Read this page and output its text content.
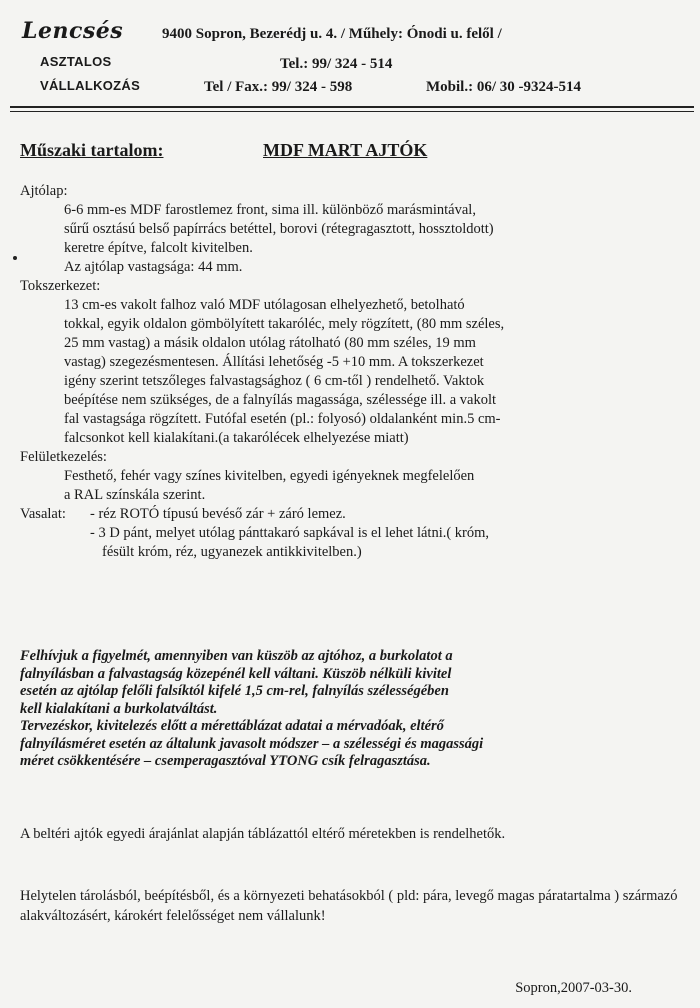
Lencsés	9400 Sopron, Bezerédj u. 4. / Műhely: Ónodi u. felől /
ASZTALOS	Tel.: 99/ 324 - 514
VÁLLALKOZÁS	Tel / Fax.: 99/ 324 - 598	Mobil.: 06/ 30 -9324-514
Műszaki tartalom:	MDF MART AJTÓK
Ajtólap:

6-6 mm-es MDF farostlemez front, sima ill. különböző marásmintával,

sűrű osztású belső papírrács betéttel, borovi (rétegragasztott, hossztoldott)

keretre építve, falcolt kivitelben.

Az ajtólap vastagsága: 44 mm.

Tokszerkezet:

13 cm-es vakolt falhoz való MDF utólagosan elhelyezhető, betolható

tokkal, egyik oldalon gömbölyített takaróléc, mely rögzített, (80 mm széles,

25 mm vastag) a másik oldalon utólag rátolható (80 mm széles, 19 mm

vastag) szegezésmentesen. Állítási lehetőség -5 +10 mm. A tokszerkezet

igény szerint tetszőleges falvastagsághoz ( 6 cm-től ) rendelhető. Vaktok

beépítése nem szükséges, de a falnyílás magassága, szélessége ill. a vakolt

fal vastagsága rögzített. Futófal esetén (pl.: folyosó) oldalanként min.5 cm-

falcsonkot kell kialakítani.(a takarólécek elhelyezése miatt)

Felületkezelés:

Festhető, fehér vagy színes kivitelben, egyedi igényeknek megfelelően

a RAL színskála szerint.

Vasalat:	- réz ROTÓ típusú bevéső zár + záró lemez.

- 3 D pánt, melyet utólag pánttakaró sapkával is el lehet látni.( króm,

fésült króm, réz, ugyanezek antikkivitelben.)

Felhívjuk a figyelmét, amennyiben van küszöb az ajtóhoz, a burkolatot a

falnyílásban a falvastagság közepénél kell váltani. Küszöb nélküli kivitel

esetén az ajtólap felőli falsíktól kifelé 1,5 cm-rel, falnyílás szélességében

kell kialakítani a burkolatváltást.

Tervezéskor, kivitelezés előtt a mérettáblázat adatai a mérvadóak, eltérő

falnyílásméret esetén az általunk javasolt módszer – a szélességi és magassági

méret csökkentésére – csemperagasztóval YTONG csík felragasztása.

A beltéri ajtók egyedi árajánlat alapján táblázattól eltérő méretekben is rendelhetők.
Helytelen tárolásból, beépítésből, és a környezeti behatásokból ( pld: pára, levegő magas páratartalma ) származó alakváltozásért, károkért felelősséget nem vállalunk!
Sopron,2007-03-30.
